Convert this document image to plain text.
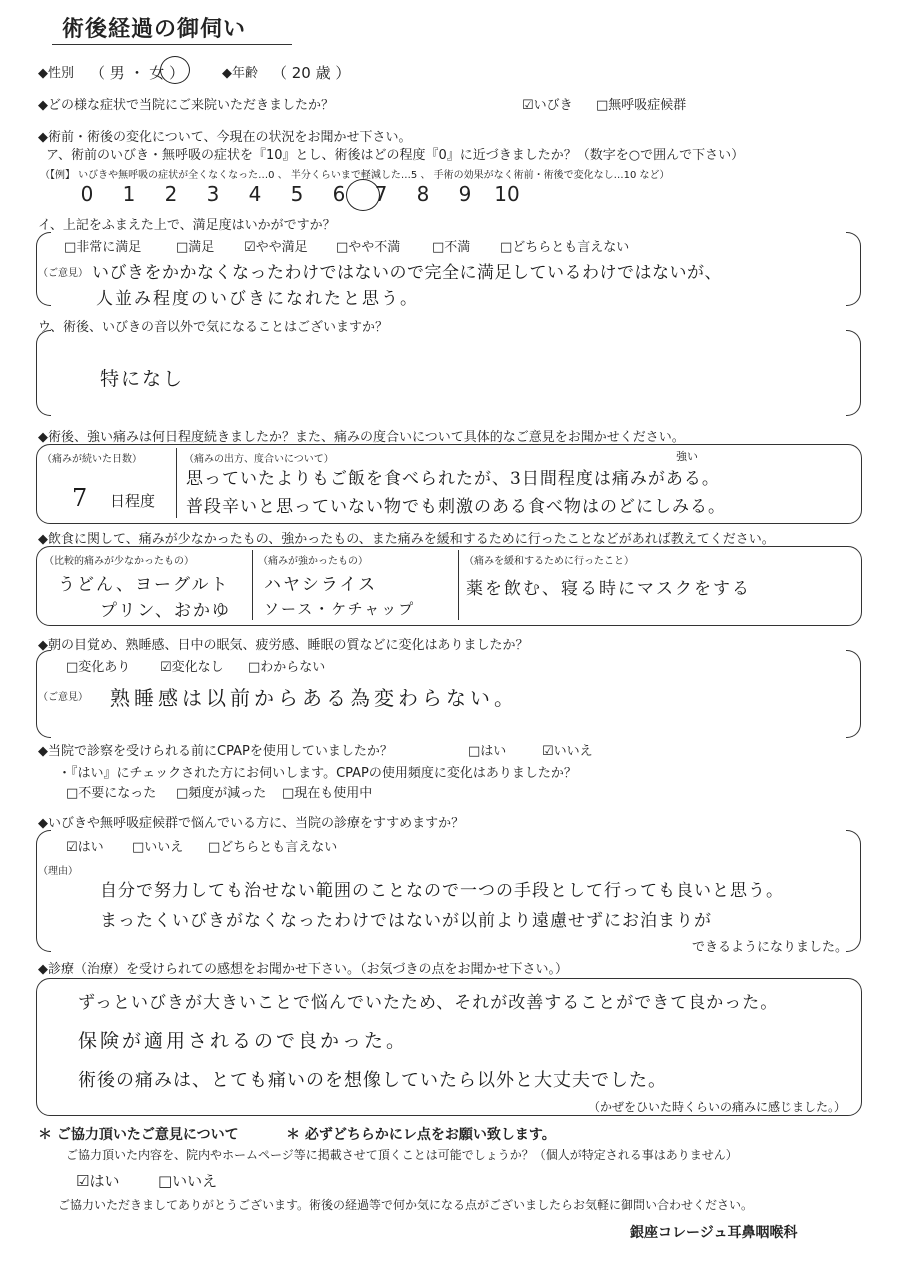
術後経過の御伺い
◆性別 （ 男 ・ 女 ）	◆年齢 （ 20 歳 ）
◆どの様な症状で当院にご来院いただきましたか？	☑いびき □無呼吸症候群
◆術前・術後の変化について、今現在の状況をお聞かせ下さい。
ア、術前のいびき・無呼吸の症状を『10』とし、術後はどの程度『0』に近づきましたか？（数字を○で囲んで下さい）
（【例】 いびきや無呼吸の症状が全くなくなった…0 、 半分くらいまで軽減した…5 、 手術の効果がなく術前・術後で変化なし…10 など）
0 1 2 3 4 5 6 7 8 9 10
イ、上記をふまえた上で、満足度はいかがですか？
□非常に満足	□満足 ☑やや満足 □やや不満 □不満 □どちらとも言えない
（ご意見） いびきをかかなくなったわけではないので完全に満足しているわけではないが、
人並み程度のいびきになれたと思う。
ウ、術後、いびきの音以外で気になることはございますか？
特になし
◆術後、強い痛みは何日程度続きましたか？また、痛みの度合いについて具体的なご意見をお聞かせください。
（痛みが続いた日数）
7 日程度
（痛みの出方、度合いについて）	強い
思っていたよりもご飯を食べられたが、3日間程度は痛みがある。
普段辛いと思っていない物でも刺激のある食べ物はのどにしみる。
◆飲食に関して、痛みが少なかったもの、強かったもの、また痛みを緩和するために行ったことなどがあれば教えてください。
（比較的痛みが少なかったもの）
うどん、ヨーグルト
プリン、おかゆ
（痛みが強かったもの）
ハヤシライス
ソース・ケチャップ
（痛みを緩和するために行ったこと）
薬を飲む、寝る時にマスクをする
◆朝の目覚め、熟睡感、日中の眠気、疲労感、睡眠の質などに変化はありましたか？
□変化あり ☑変化なし □わからない
（ご意見） 熟睡感は以前からある為変わらない。
◆当院で診察を受けられる前にCPAPを使用していましたか？	□はい	☑いいえ
・『はい』にチェックされた方にお伺いします。CPAPの使用頻度に変化はありましたか？
□不要になった □頻度が減った □現在も使用中
◆いびきや無呼吸症候群で悩んでいる方に、当院の診療をすすめますか？
☑はい □いいえ □どちらとも言えない
（理由）
自分で努力しても治せない範囲のことなので一つの手段として行っても良いと思う。
まったくいびきがなくなったわけではないが以前より遠慮せずにお泊まりが
できるようになりました。
◆診療（治療）を受けられての感想をお聞かせ下さい。（お気づきの点をお聞かせ下さい。）
ずっといびきが大きいことで悩んでいたため、それが改善することができて良かった。
保険が適用されるので良かった。
術後の痛みは、とても痛いのを想像していたら以外と大丈夫でした。
（かぜをひいた時くらいの痛みに感じました。）
＊ ご協力頂いたご意見について	＊ 必ずどちらかにレ点をお願い致します。
ご協力頂いた内容を、院内やホームページ等に掲載させて頂くことは可能でしょうか？（個人が特定される事はありません）
☑はい	□いいえ
ご協力いただきましてありがとうございます。術後の経過等で何か気になる点がございましたらお気軽に御問い合わせください。
銀座コレージュ耳鼻咽喉科
